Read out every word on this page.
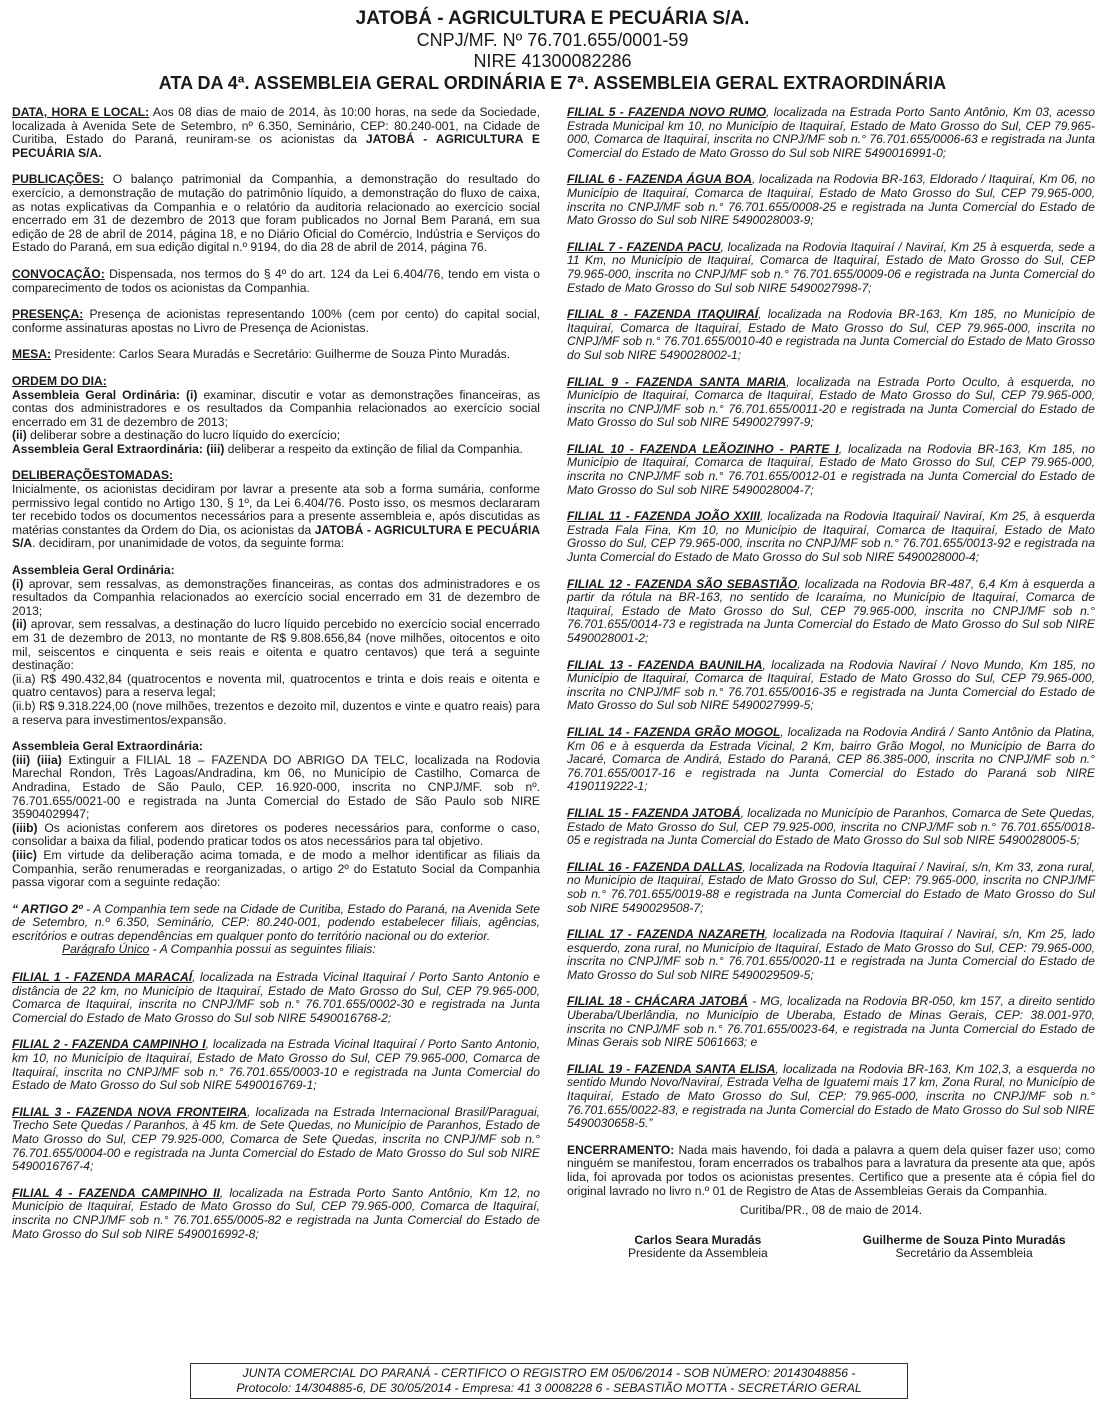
JATOBÁ - AGRICULTURA E PECUÁRIA S/A.
CNPJ/MF. Nº 76.701.655/0001-59
NIRE 41300082286
ATA DA 4ª. ASSEMBLEIA GERAL ORDINÁRIA E 7ª. ASSEMBLEIA GERAL EXTRAORDINÁRIA

DATA, HORA E LOCAL: Aos 08 dias de maio de 2014, às 10:00 horas, na sede da Sociedade, localizada à Avenida Sete de Setembro, nº 6.350, Seminário, CEP: 80.240-001, na Cidade de Curitiba, Estado do Paraná, reuniram-se os acionistas da JATOBÁ - AGRICULTURA E PECUÁRIA S/A.

PUBLICAÇÕES: O balanço patrimonial da Companhia, a demonstração do resultado do exercício, a demonstração de mutação do patrimônio líquido, a demonstração do fluxo de caixa, as notas explicativas da Companhia e o relatório da auditoria relacionado ao exercício social encerrado em 31 de dezembro de 2013 que foram publicados no Jornal Bem Paraná, em sua edição de 28 de abril de 2014, página 18, e no Diário Oficial do Comércio, Indústria e Serviços do Estado do Paraná, em sua edição digital n.º 9194, do dia 28 de abril de 2014, página 76.

CONVOCAÇÃO: Dispensada, nos termos do § 4º do art. 124 da Lei 6.404/76, tendo em vista o comparecimento de todos os acionistas da Companhia.

PRESENÇA: Presença de acionistas representando 100% (cem por cento) do capital social, conforme assinaturas apostas no Livro de Presença de Acionistas.

MESA: Presidente: Carlos Seara Muradás e Secretário: Guilherme de Souza Pinto Muradás.

ORDEM DO DIA:
Assembleia Geral Ordinária: (i) examinar, discutir e votar as demonstrações financeiras, as contas dos administradores e os resultados da Companhia relacionados ao exercício social encerrado em 31 de dezembro de 2013;
(ii) deliberar sobre a destinação do lucro líquido do exercício;
Assembleia Geral Extraordinária: (iii) deliberar a respeito da extinção de filial da Companhia.

DELIBERAÇÕESTOMADAS:
Inicialmente, os acionistas decidiram por lavrar a presente ata sob a forma sumária, conforme permissivo legal contido no Artigo 130, § 1º, da Lei 6.404/76. Posto isso, os mesmos declararam ter recebido todos os documentos necessários para a presente assembleia e, após discutidas as matérias constantes da Ordem do Dia, os acionistas da JATOBÁ - AGRICULTURA E PECUÁRIA S/A. decidiram, por unanimidade de votos, da seguinte forma:

Assembleia Geral Ordinária:
(i) aprovar, sem ressalvas, as demonstrações financeiras, as contas dos administradores e os resultados da Companhia relacionados ao exercício social encerrado em 31 de dezembro de 2013;
(ii) aprovar, sem ressalvas, a destinação do lucro líquido percebido no exercício social encerrado em 31 de dezembro de 2013, no montante de R$ 9.808.656,84 (nove milhões, oitocentos e oito mil, seiscentos e cinquenta e seis reais e oitenta e quatro centavos) que terá a seguinte destinação:
(ii.a) R$ 490.432,84 (quatrocentos e noventa mil, quatrocentos e trinta e dois reais e oitenta e quatro centavos) para a reserva legal;
(ii.b) R$ 9.318.224,00 (nove milhões, trezentos e dezoito mil, duzentos e vinte e quatro reais) para a reserva para investimentos/expansão.

Assembleia Geral Extraordinária:
(iii) (iiia) Extinguir a FILIAL 18 – FAZENDA DO ABRIGO DA TELC, localizada na Rodovia Marechal Rondon, Três Lagoas/Andradina, km 06, no Município de Castilho, Comarca de Andradina, Estado de São Paulo, CEP. 16.920-000, inscrita no CNPJ/MF. sob nº. 76.701.655/0021-00 e registrada na Junta Comercial do Estado de São Paulo sob NIRE 35904029947;
(iiib) Os acionistas conferem aos diretores os poderes necessários para, conforme o caso, consolidar a baixa da filial, podendo praticar todos os atos necessários para tal objetivo.
(iiic) Em virtude da deliberação acima tomada, e de modo a melhor identificar as filiais da Companhia, serão renumeradas e reorganizadas, o artigo 2º do Estatuto Social da Companhia passa vigorar com a seguinte redação:

“ ARTIGO 2º - A Companhia tem sede na Cidade de Curitiba, Estado do Paraná, na Avenida Sete de Setembro, n.º 6.350, Seminário, CEP: 80.240-001, podendo estabelecer filiais, agências, escritórios e outras dependências em qualquer ponto do território nacional ou do exterior.
Parágrafo Único - A Companhia possui as seguintes filiais:

FILIAL 1 - FAZENDA MARACAÍ, localizada na Estrada Vicinal Itaquiraí / Porto Santo Antonio e distância de 22 km, no Município de Itaquiraí, Estado de Mato Grosso do Sul, CEP 79.965-000, Comarca de Itaquiraí, inscrita no CNPJ/MF sob n.° 76.701.655/0002-30 e registrada na Junta Comercial do Estado de Mato Grosso do Sul sob NIRE 5490016768-2;

FILIAL 2 - FAZENDA CAMPINHO I, localizada na Estrada Vicinal Itaquiraí / Porto Santo Antonio, km 10, no Município de Itaquiraí, Estado de Mato Grosso do Sul, CEP 79.965-000, Comarca de Itaquiraí, inscrita no CNPJ/MF sob n.° 76.701.655/0003-10 e registrada na Junta Comercial do Estado de Mato Grosso do Sul sob NIRE 5490016769-1;

FILIAL 3 - FAZENDA NOVA FRONTEIRA, localizada na Estrada Internacional Brasil/Paraguai, Trecho Sete Quedas / Paranhos, à 45 km. de Sete Quedas, no Município de Paranhos, Estado de Mato Grosso do Sul, CEP 79.925-000, Comarca de Sete Quedas, inscrita no CNPJ/MF sob n.° 76.701.655/0004-00 e registrada na Junta Comercial do Estado de Mato Grosso do Sul sob NIRE 5490016767-4;

FILIAL 4 - FAZENDA CAMPINHO II, localizada na Estrada Porto Santo Antônio, Km 12, no Município de Itaquiraí, Estado de Mato Grosso do Sul, CEP 79.965-000, Comarca de Itaquiraí, inscrita no CNPJ/MF sob n.° 76.701.655/0005-82 e registrada na Junta Comercial do Estado de Mato Grosso do Sul sob NIRE 5490016992-8;

FILIAL 5 - FAZENDA NOVO RUMO, localizada na Estrada Porto Santo Antônio, Km 03, acesso Estrada Municipal km 10, no Município de Itaquiraí, Estado de Mato Grosso do Sul, CEP 79.965-000, Comarca de Itaquiraí, inscrita no CNPJ/MF sob n.° 76.701.655/0006-63 e registrada na Junta Comercial do Estado de Mato Grosso do Sul sob NIRE 5490016991-0;

FILIAL 6 - FAZENDA ÁGUA BOA, localizada na Rodovia BR-163, Eldorado / Itaquiraí, Km 06, no Município de Itaquiraí, Comarca de Itaquiraí, Estado de Mato Grosso do Sul, CEP 79.965-000, inscrita no CNPJ/MF sob n.° 76.701.655/0008-25 e registrada na Junta Comercial do Estado de Mato Grosso do Sul sob NIRE 5490028003-9;

FILIAL 7 - FAZENDA PACU, localizada na Rodovia Itaquiraí / Naviraí, Km 25 à esquerda, sede a 11 Km, no Município de Itaquiraí, Comarca de Itaquiraí, Estado de Mato Grosso do Sul, CEP 79.965-000, inscrita no CNPJ/MF sob n.° 76.701.655/0009-06 e registrada na Junta Comercial do Estado de Mato Grosso do Sul sob NIRE 5490027998-7;

FILIAL 8 - FAZENDA ITAQUIRAÍ, localizada na Rodovia BR-163, Km 185, no Município de Itaquiraí, Comarca de Itaquiraí, Estado de Mato Grosso do Sul, CEP 79.965-000, inscrita no CNPJ/MF sob n.° 76.701.655/0010-40 e registrada na Junta Comercial do Estado de Mato Grosso do Sul sob NIRE 5490028002-1;

FILIAL 9 - FAZENDA SANTA MARIA, localizada na Estrada Porto Oculto, à esquerda, no Município de Itaquiraí, Comarca de Itaquiraí, Estado de Mato Grosso do Sul, CEP 79.965-000, inscrita no CNPJ/MF sob n.° 76.701.655/0011-20 e registrada na Junta Comercial do Estado de Mato Grosso do Sul sob NIRE 5490027997-9;

FILIAL 10 - FAZENDA LEÃOZINHO - PARTE I, localizada na Rodovia BR-163, Km 185, no Município de Itaquiraí, Comarca de Itaquiraí, Estado de Mato Grosso do Sul, CEP 79.965-000, inscrita no CNPJ/MF sob n.° 76.701.655/0012-01 e registrada na Junta Comercial do Estado de Mato Grosso do Sul sob NIRE 5490028004-7;

FILIAL 11 - FAZENDA JOÃO XXIII, localizada na Rodovia Itaquiraí/ Naviraí, Km 25, à esquerda Estrada Fala Fina, Km 10, no Município de Itaquiraí, Comarca de Itaquiraí, Estado de Mato Grosso do Sul, CEP 79.965-000, inscrita no CNPJ/MF sob n.° 76.701.655/0013-92 e registrada na Junta Comercial do Estado de Mato Grosso do Sul sob NIRE 5490028000-4;

FILIAL 12 - FAZENDA SÃO SEBASTIÃO, localizada na Rodovia BR-487, 6,4 Km à esquerda a partir da rótula na BR-163, no sentido de Icaraíma, no Município de Itaquiraí, Comarca de Itaquiraí, Estado de Mato Grosso do Sul, CEP 79.965-000, inscrita no CNPJ/MF sob n.° 76.701.655/0014-73 e registrada na Junta Comercial do Estado de Mato Grosso do Sul sob NIRE 5490028001-2;

FILIAL 13 - FAZENDA BAUNILHA, localizada na Rodovia Naviraí / Novo Mundo, Km 185, no Município de Itaquiraí, Comarca de Itaquiraí, Estado de Mato Grosso do Sul, CEP 79.965-000, inscrita no CNPJ/MF sob n.° 76.701.655/0016-35 e registrada na Junta Comercial do Estado de Mato Grosso do Sul sob NIRE 5490027999-5;

FILIAL 14 - FAZENDA GRÃO MOGOL, localizada na Rodovia Andirá / Santo Antônio da Platina, Km 06 e à esquerda da Estrada Vicinal, 2 Km, bairro Grão Mogol, no Município de Barra do Jacaré, Comarca de Andirá, Estado do Paraná, CEP 86.385-000, inscrita no CNPJ/MF sob n.° 76.701.655/0017-16 e registrada na Junta Comercial do Estado do Paraná sob NIRE 4190119222-1;

FILIAL 15 - FAZENDA JATOBÁ, localizada no Município de Paranhos, Comarca de Sete Quedas, Estado de Mato Grosso do Sul, CEP 79.925-000, inscrita no CNPJ/MF sob n.° 76.701.655/0018-05 e registrada na Junta Comercial do Estado de Mato Grosso do Sul sob NIRE 5490028005-5;

FILIAL 16 - FAZENDA DALLAS, localizada na Rodovia Itaquiraí / Naviraí, s/n, Km 33, zona rural, no Município de Itaquiraí, Estado de Mato Grosso do Sul, CEP: 79.965-000, inscrita no CNPJ/MF sob n.° 76.701.655/0019-88 e registrada na Junta Comercial do Estado de Mato Grosso do Sul sob NIRE 5490029508-7;

FILIAL 17 - FAZENDA NAZARETH, localizada na Rodovia Itaquiraí / Naviraí, s/n, Km 25, lado esquerdo, zona rural, no Município de Itaquiraí, Estado de Mato Grosso do Sul, CEP: 79.965-000, inscrita no CNPJ/MF sob n.° 76.701.655/0020-11 e registrada na Junta Comercial do Estado de Mato Grosso do Sul sob NIRE 5490029509-5;

FILIAL 18 - CHÁCARA JATOBÁ - MG, localizada na Rodovia BR-050, km 157, a direito sentido Uberaba/Uberlândia, no Município de Uberaba, Estado de Minas Gerais, CEP: 38.001-970, inscrita no CNPJ/MF sob n.° 76.701.655/0023-64, e registrada na Junta Comercial do Estado de Minas Gerais sob NIRE 5061663; e

FILIAL 19 - FAZENDA SANTA ELISA, localizada na Rodovia BR-163, Km 102,3, a esquerda no sentido Mundo Novo/Naviraí, Estrada Velha de Iguatemi mais 17 km, Zona Rural, no Município de Itaquiraí, Estado de Mato Grosso do Sul, CEP: 79.965-000, inscrita no CNPJ/MF sob n.° 76.701.655/0022-83, e registrada na Junta Comercial do Estado de Mato Grosso do Sul sob NIRE 5490030658-5.”

ENCERRAMENTO: Nada mais havendo, foi dada a palavra a quem dela quiser fazer uso; como ninguém se manifestou, foram encerrados os trabalhos para a lavratura da presente ata que, após lida, foi aprovada por todos os acionistas presentes. Certifico que a presente ata é cópia fiel do original lavrado no livro n.º 01 de Registro de Atas de Assembleias Gerais da Companhia.

Curitiba/PR., 08 de maio de 2014.
Carlos Seara Muradás
Presidente da Assembleia
Guilherme de Souza Pinto Muradás
Secretário da Assembleia
JUNTA COMERCIAL DO PARANÁ - CERTIFICO O REGISTRO EM 05/06/2014 - SOB NÚMERO: 20143048856 -
Protocolo: 14/304885-6, DE 30/05/2014 - Empresa: 41 3 0008228 6 - SEBASTIÃO MOTTA - SECRETÁRIO GERAL
